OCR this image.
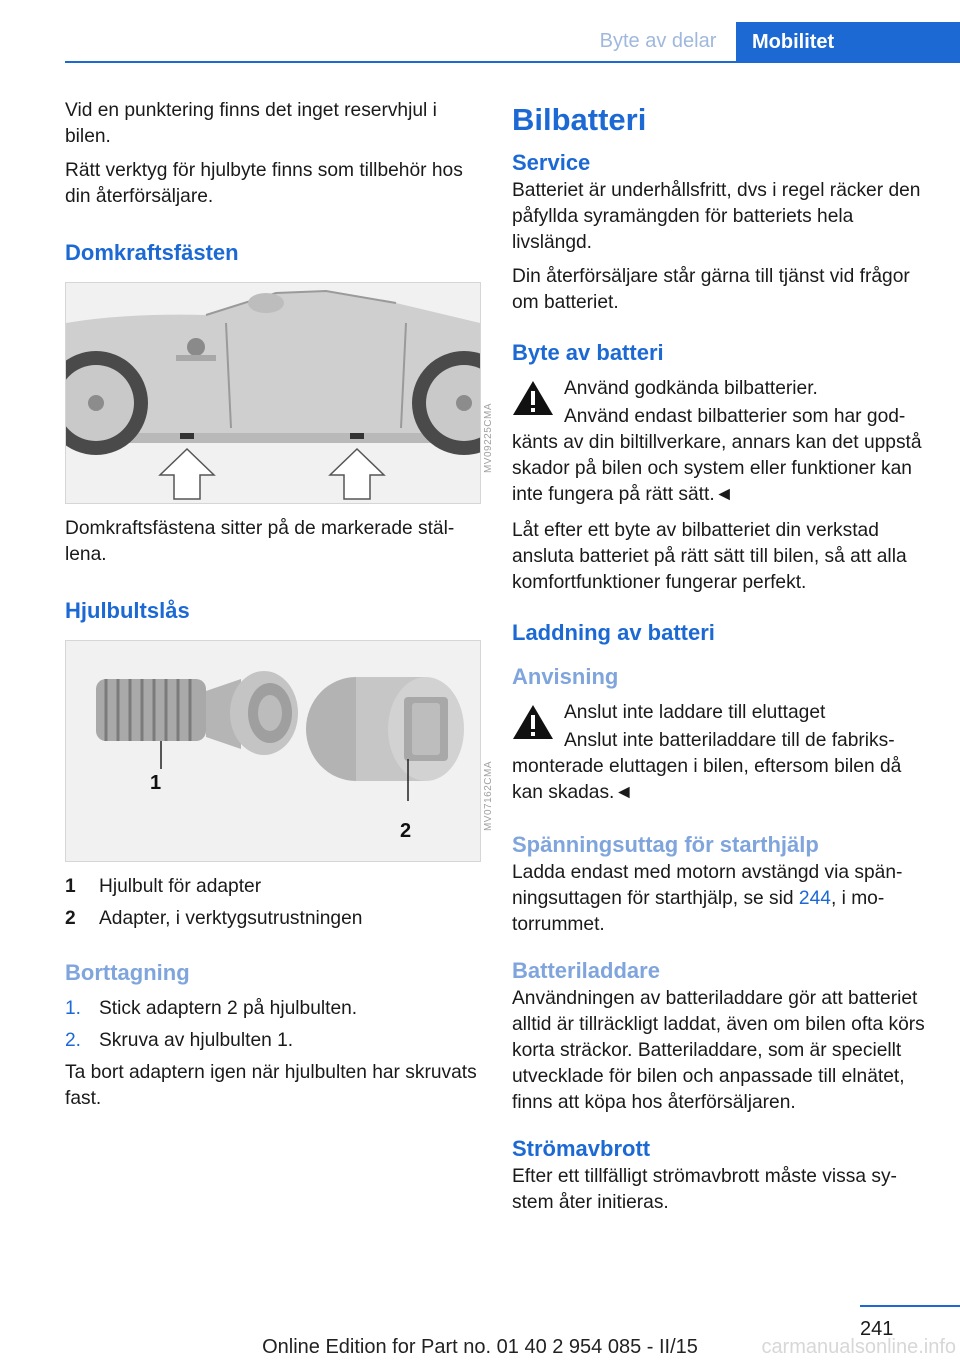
Byte av delar	Mobilitet

Vid en punktering finns det inget reservhjul i bilen.

Rätt verktyg för hjulbyte finns som tillbehör hos din återförsäljare.

Domkraftsfästen
MV09225CMA

Domkraftsfästena sitter på de markerade ställena.

Hjulbultslås
1
2	MV07162CMA
1	Hjulbult för adapter
2	Adapter, i verktygsutrustningen
Borttagning
1. Stick adaptern 2 på hjulbulten.
2. Skruva av hjulbulten 1.

Ta bort adaptern igen när hjulbulten har skruvats fast.

Bilbatteri
Service

Batteriet är underhållsfritt, dvs i regel räcker den påfyllda syramängden för batteriets hela livslängd.

Din återförsäljare står gärna till tjänst vid frågor om batteriet.

Byte av batteri

Använd godkända bilbatterier.

Använd endast bilbatterier som har godkänts av din biltillverkare, annars kan det uppstå skador på bilen och system eller funktioner kan inte fungera på rätt sätt.◄

Låt efter ett byte av bilbatteriet din verkstad ansluta batteriet på rätt sätt till bilen, så att alla komfortfunktioner fungerar perfekt.

Laddning av batteri
Anvisning

Anslut inte laddare till eluttaget

Anslut inte batteriladdare till de fabriksmonterade eluttagen i bilen, eftersom bilen då kan skadas.◄

Spänningsuttag för starthjälp

Ladda endast med motorn avstängd via spänningsuttagen för starthjälp, se sid 244, i motorrummet.

Batteriladdare

Användningen av batteriladdare gör att batteriet alltid är tillräckligt laddat, även om bilen ofta körs korta sträckor. Batteriladdare, som är speciellt utvecklade för bilen och anpassade till elnätet, finns att köpa hos återförsäljaren.

Strömavbrott

Efter ett tillfälligt strömavbrott måste vissa system åter initieras.

241
carmanualsonline.info
Online Edition for Part no. 01 40 2 954 085 - II/15
